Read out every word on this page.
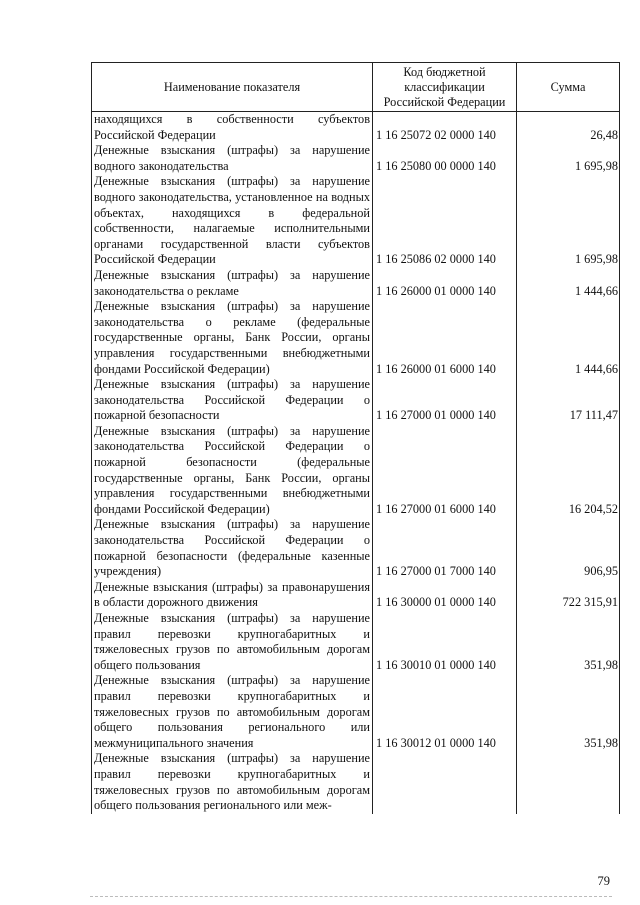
Наименование показателя	Код бюджетной классификации Российской Федерации	Сумма
находящихся в собственности субъектов Российской Федерации	1 16 25072 02 0000 140	26,48
Денежные взыскания (штрафы) за нарушение водного законодательства	1 16 25080 00 0000 140	1 695,98
Денежные взыскания (штрафы) за нарушение водного законодательства, установленное на водных объектах, находящихся в федеральной собственности, налагаемые исполнительными органами государственной власти субъектов Российской Федерации	1 16 25086 02 0000 140	1 695,98
Денежные взыскания (штрафы) за нарушение законодательства о рекламе	1 16 26000 01 0000 140	1 444,66
Денежные взыскания (штрафы) за нарушение законодательства о рекламе (федеральные государственные органы, Банк России, органы управления государственными внебюджетными фондами Российской Федерации)	1 16 26000 01 6000 140	1 444,66
Денежные взыскания (штрафы) за нарушение законодательства Российской Федерации о пожарной безопасности	1 16 27000 01 0000 140	17 111,47
Денежные взыскания (штрафы) за нарушение законодательства Российской Федерации о пожарной безопасности (федеральные государственные органы, Банк России, органы управления государственными внебюджетными фондами Российской Федерации)	1 16 27000 01 6000 140	16 204,52
Денежные взыскания (штрафы) за нарушение законодательства Российской Федерации о пожарной безопасности (федеральные казенные учреждения)	1 16 27000 01 7000 140	906,95
Денежные взыскания (штрафы) за правонарушения в области дорожного движения	1 16 30000 01 0000 140	722 315,91
Денежные взыскания (штрафы) за нарушение правил перевозки крупногабаритных и тяжеловесных грузов по автомобильным дорогам общего пользования	1 16 30010 01 0000 140	351,98
Денежные взыскания (штрафы) за нарушение правил перевозки крупногабаритных и тяжеловесных грузов по автомобильным дорогам общего пользования регионального или межмуниципального значения	1 16 30012 01 0000 140	351,98
Денежные взыскания (штрафы) за нарушение правил перевозки крупногабаритных и тяжеловесных грузов по автомобильным дорогам общего пользования регионального или меж-		
79
